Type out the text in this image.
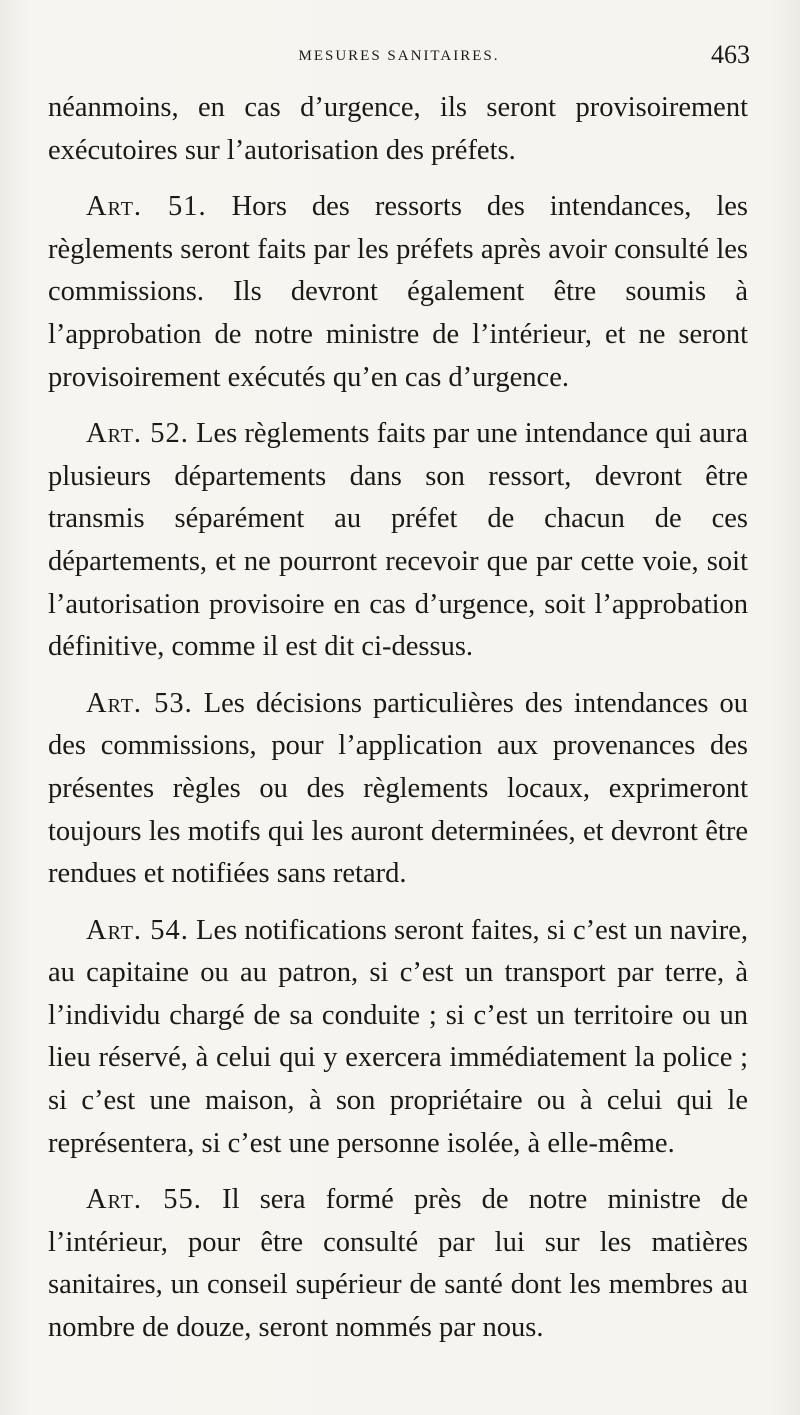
MESURES SANITAIRES.	463

néanmoins, en cas d’urgence, ils seront provisoirement exécutoires sur l’autorisation des préfets.

Art. 51. Hors des ressorts des intendances, les règlements seront faits par les préfets après avoir consulté les commissions. Ils devront également être soumis à l’approbation de notre ministre de l’intérieur, et ne seront provisoirement exécutés qu’en cas d’urgence.

Art. 52. Les règlements faits par une intendance qui aura plusieurs départements dans son ressort, devront être transmis séparément au préfet de chacun de ces départements, et ne pourront recevoir que par cette voie, soit l’autorisation provisoire en cas d’urgence, soit l’approbation définitive, comme il est dit ci-dessus.

Art. 53. Les décisions particulières des intendances ou des commissions, pour l’application aux provenances des présentes règles ou des règlements locaux, exprimeront toujours les motifs qui les auront determinées, et devront être rendues et notifiées sans retard.

Art. 54. Les notifications seront faites, si c’est un navire, au capitaine ou au patron, si c’est un transport par terre, à l’individu chargé de sa conduite ; si c’est un territoire ou un lieu réservé, à celui qui y exercera immédiatement la police ; si c’est une maison, à son propriétaire ou à celui qui le représentera, si c’est une personne isolée, à elle-même.

Art. 55. Il sera formé près de notre ministre de l’intérieur, pour être consulté par lui sur les matières sanitaires, un conseil supérieur de santé dont les membres au nombre de douze, seront nommés par nous.
